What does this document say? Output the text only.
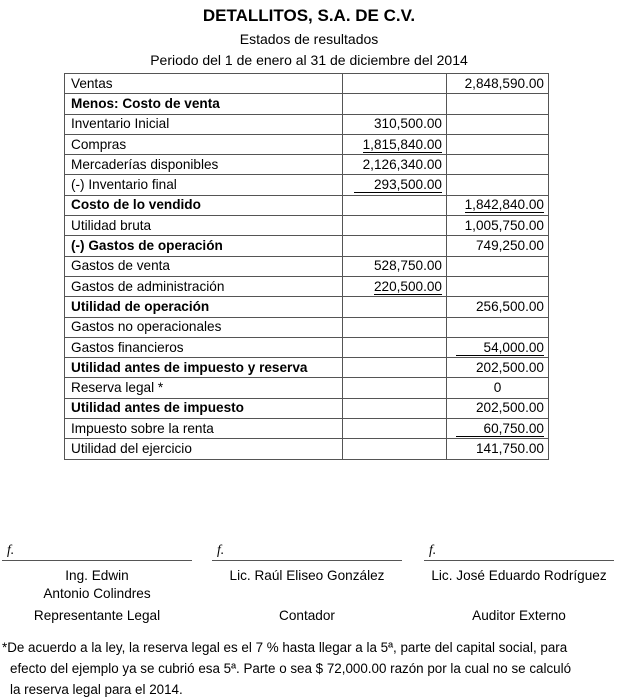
DETALLITOS, S.A. DE C.V.
Estados de resultados
Periodo del 1 de enero al 31 de diciembre del 2014
Ventas		2,848,590.00
Menos: Costo de venta		
Inventario Inicial	310,500.00	
Compras	1,815,840.00	
Mercaderías disponibles	2,126,340.00	
(-) Inventario final	293,500.00	
Costo de lo vendido		1,842,840.00
Utilidad bruta		1,005,750.00
(-) Gastos de operación		749,250.00
Gastos de venta	528,750.00	
Gastos de administración	220,500.00	
Utilidad de operación		256,500.00
Gastos no operacionales		
Gastos financieros		54,000.00
Utilidad antes de impuesto y reserva		202,500.00
Reserva legal *		0
Utilidad antes de impuesto		202,500.00
Impuesto sobre la renta		60,750.00
Utilidad del ejercicio		141,750.00
f.
Ing. Edwin Antonio Colindres
Representante Legal
f.
Lic. Raúl Eliseo González
Contador
f.
Lic. José Eduardo Rodríguez
Auditor Externo
*De acuerdo a la ley, la reserva legal es el 7 % hasta llegar a la 5ª, parte del capital social, para
efecto del ejemplo ya se cubrió esa 5ª. Parte o sea $ 72,000.00 razón por la cual no se calculó
la reserva legal para el 2014.
